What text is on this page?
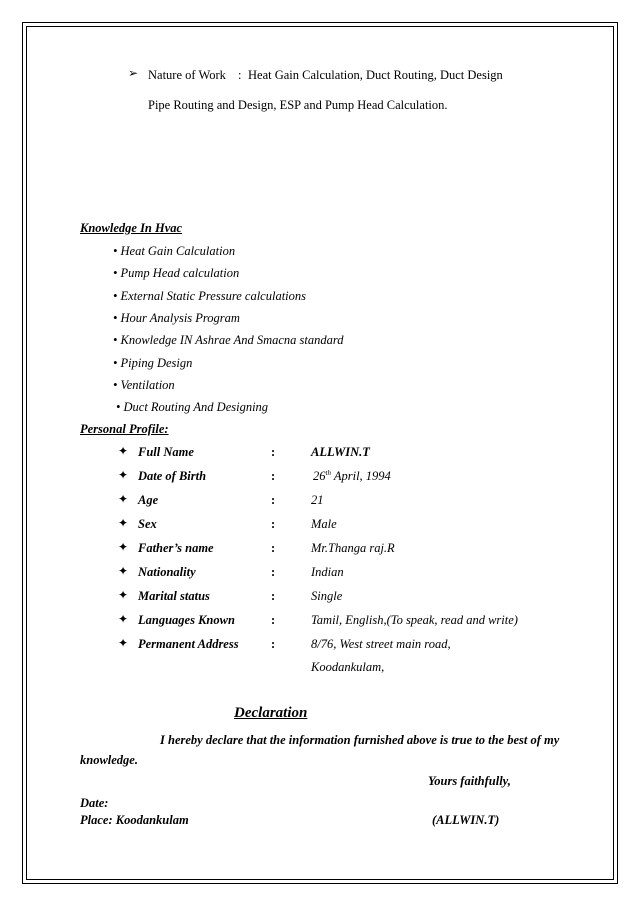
➢ Nature of Work : Heat Gain Calculation, Duct Routing, Duct Design
Pipe Routing and Design, ESP and Pump Head Calculation.
Knowledge In Hvac
• Heat Gain Calculation
• Pump Head calculation
• External Static Pressure calculations
• Hour Analysis Program
• Knowledge IN Ashrae And Smacna standard
• Piping Design
• Ventilation
• Duct Routing And Designing
Personal Profile:
✦ Full Name	:	ALLWIN.T
✦ Date of Birth	:	26th April, 1994
✦ Age	:	21
✦ Sex	:	Male
✦ Father’s name	:	Mr.Thanga raj.R
✦ Nationality	:	Indian
✦ Marital status	:	Single
✦ Languages Known	:	Tamil, English,(To speak, read and write)
✦ Permanent Address	:	8/76, West street main road,
Koodankulam,
Declaration
I hereby declare that the information furnished above is true to the best of my
knowledge.
Yours faithfully,
Date:
Place: Koodankulam	(ALLWIN.T)
